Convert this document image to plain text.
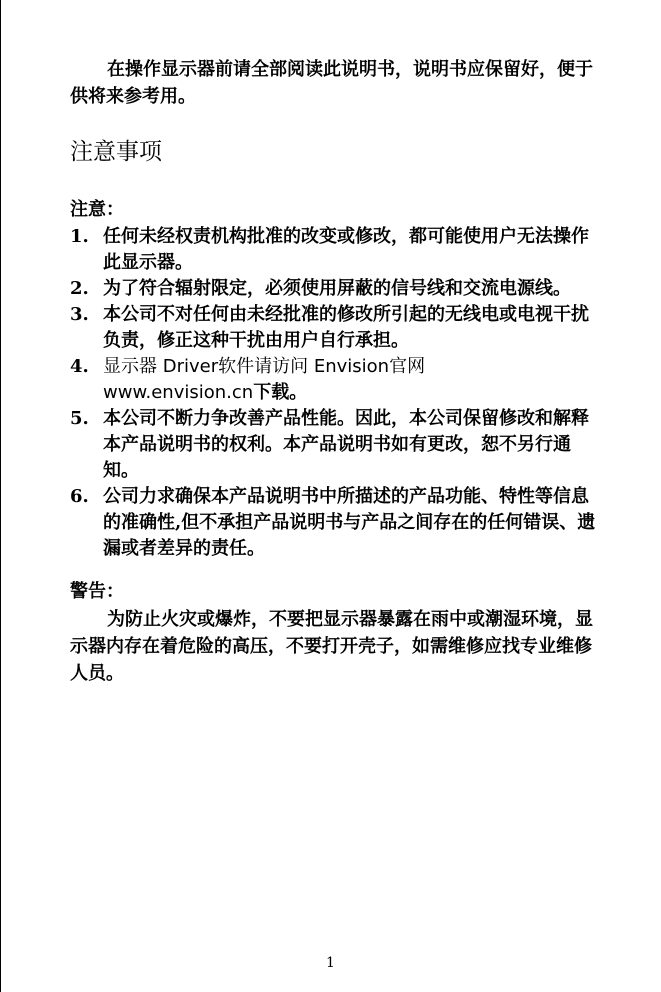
在操作显示器前请全部阅读此说明书，说明书应保留好，便于供将来参考用。

注意事项
注意：
1. 任何未经权责机构批准的改变或修改，都可能使用户无法操作此显示器。
2. 为了符合辐射限定，必须使用屏蔽的信号线和交流电源线。
3. 本公司不对任何由未经批准的修改所引起的无线电或电视干扰负责，修正这种干扰由用户自行承担。
4. 显示器 Driver软件请访问 Envision官网
www.envision.cn下载。
5. 本公司不断力争改善产品性能。因此，本公司保留修改和解释本产品说明书的权利。本产品说明书如有更改，恕不另行通知。
6. 公司力求确保本产品说明书中所描述的产品功能、特性等信息的准确性,但不承担产品说明书与产品之间存在的任何错误、遗漏或者差异的责任。
警告：

为防止火灾或爆炸，不要把显示器暴露在雨中或潮湿环境，显示器内存在着危险的高压，不要打开壳子，如需维修应找专业维修人员。

1
